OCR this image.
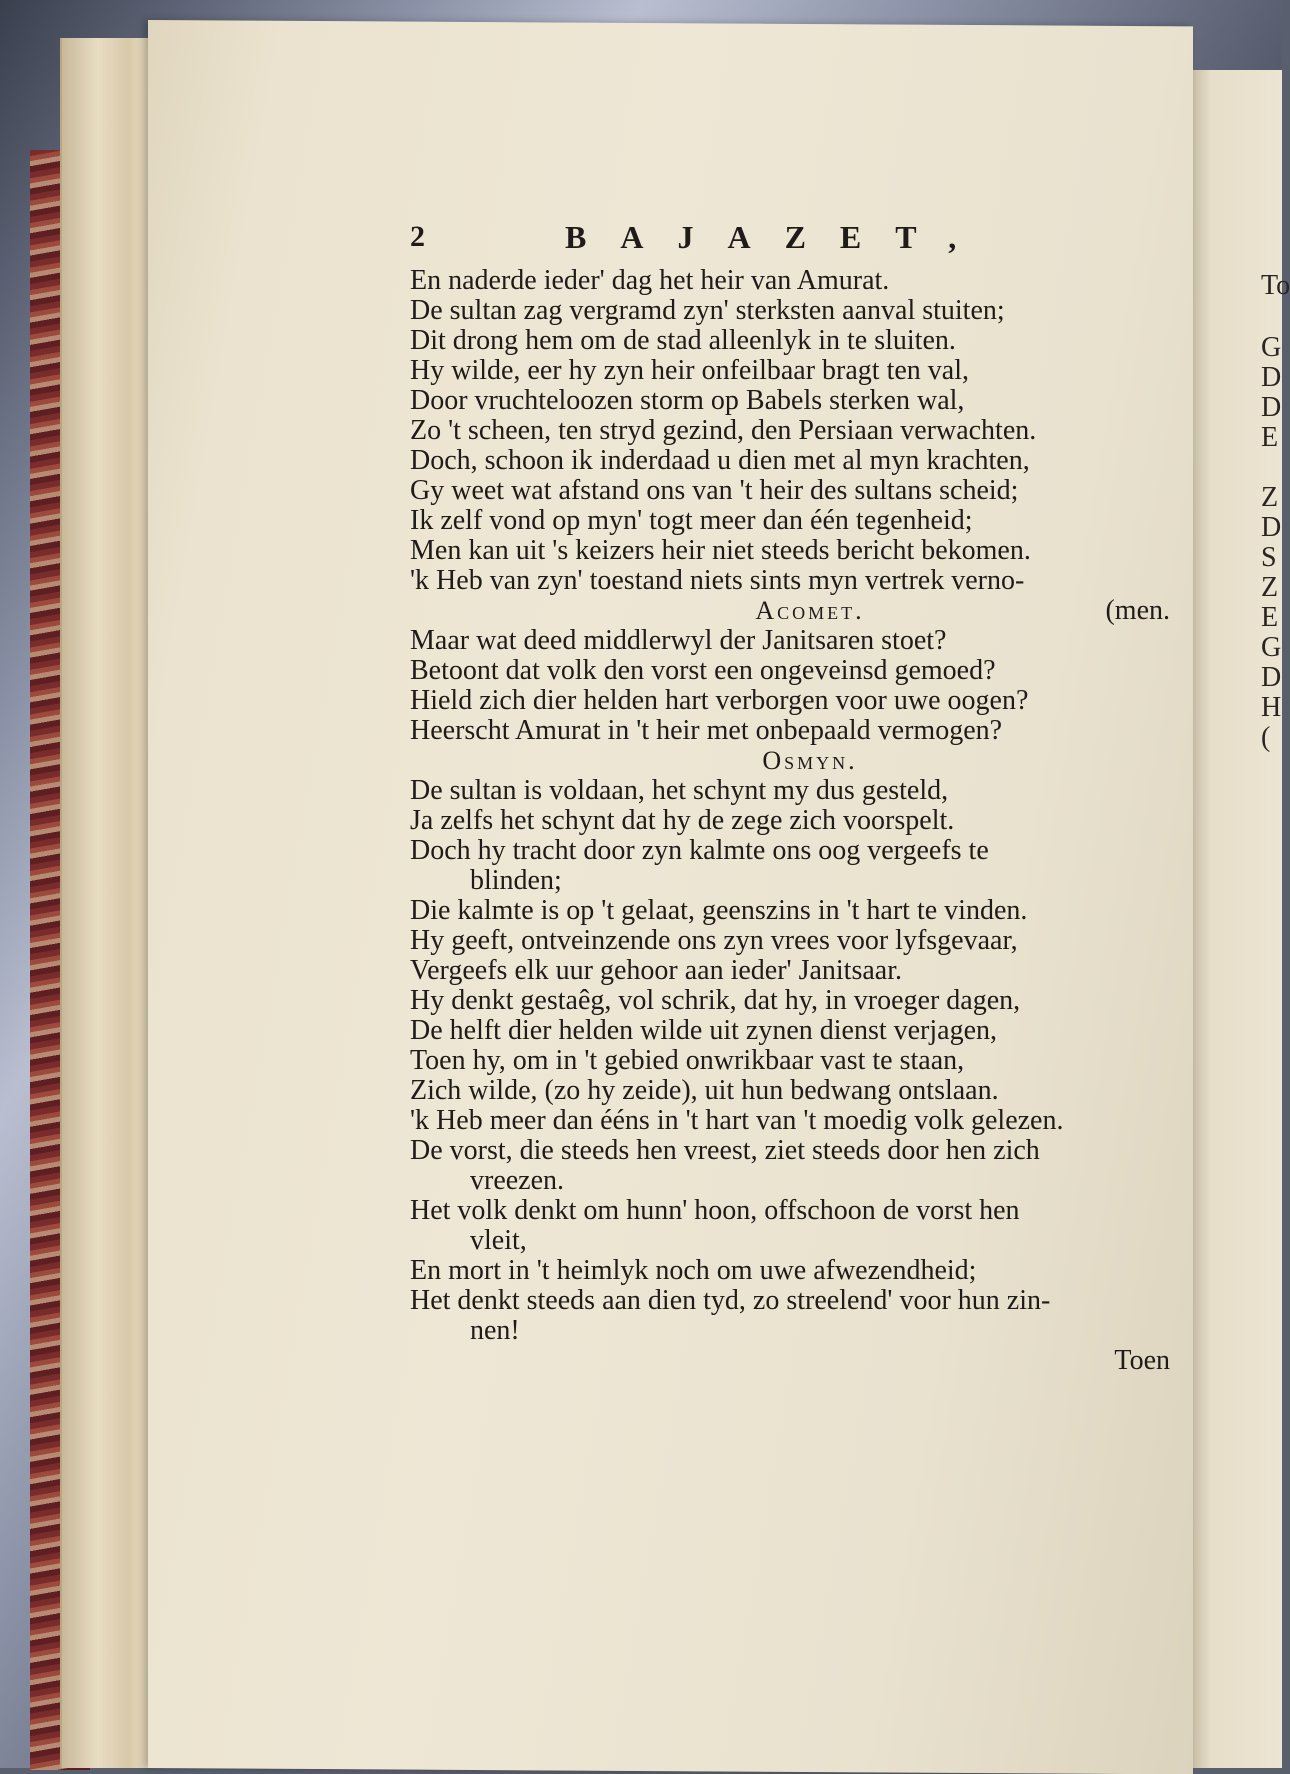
To
G
D
D
E
Z
D
S
Z
E
G
D
H
(
2	BAJAZET,
En naderde ieder' dag het heir van Amurat.
De sultan zag vergramd zyn' sterksten aanval stuiten;
Dit drong hem om de stad alleenlyk in te sluiten.
Hy wilde, eer hy zyn heir onfeilbaar bragt ten val,
Door vruchteloozen storm op Babels sterken wal,
Zo 't scheen, ten stryd gezind, den Persiaan verwachten.
Doch, schoon ik inderdaad u dien met al myn krachten,
Gy weet wat afstand ons van 't heir des sultans scheid;
Ik zelf vond op myn' togt meer dan één tegenheid;
Men kan uit 's keizers heir niet steeds bericht bekomen.
'k Heb van zyn' toestand niets sints myn vertrek verno-
Acomet.	(men.
Maar wat deed middlerwyl der Janitsaren stoet?
Betoont dat volk den vorst een ongeveinsd gemoed?
Hield zich dier helden hart verborgen voor uwe oogen?
Heerscht Amurat in 't heir met onbepaald vermogen?
Osmyn.
De sultan is voldaan, het schynt my dus gesteld,
Ja zelfs het schynt dat hy de zege zich voorspelt.
Doch hy tracht door zyn kalmte ons oog vergeefs te
blinden;
Die kalmte is op 't gelaat, geenszins in 't hart te vinden.
Hy geeft, ontveinzende ons zyn vrees voor lyfsgevaar,
Vergeefs elk uur gehoor aan ieder' Janitsaar.
Hy denkt gestaêg, vol schrik, dat hy, in vroeger dagen,
De helft dier helden wilde uit zynen dienst verjagen,
Toen hy, om in 't gebied onwrikbaar vast te staan,
Zich wilde, (zo hy zeide), uit hun bedwang ontslaan.
'k Heb meer dan ééns in 't hart van 't moedig volk gelezen.
De vorst, die steeds hen vreest, ziet steeds door hen zich
vreezen.
Het volk denkt om hunn' hoon, offschoon de vorst hen
vleit,
En mort in 't heimlyk noch om uwe afwezendheid;
Het denkt steeds aan dien tyd, zo streelend' voor hun zin-
nen!
Toen
